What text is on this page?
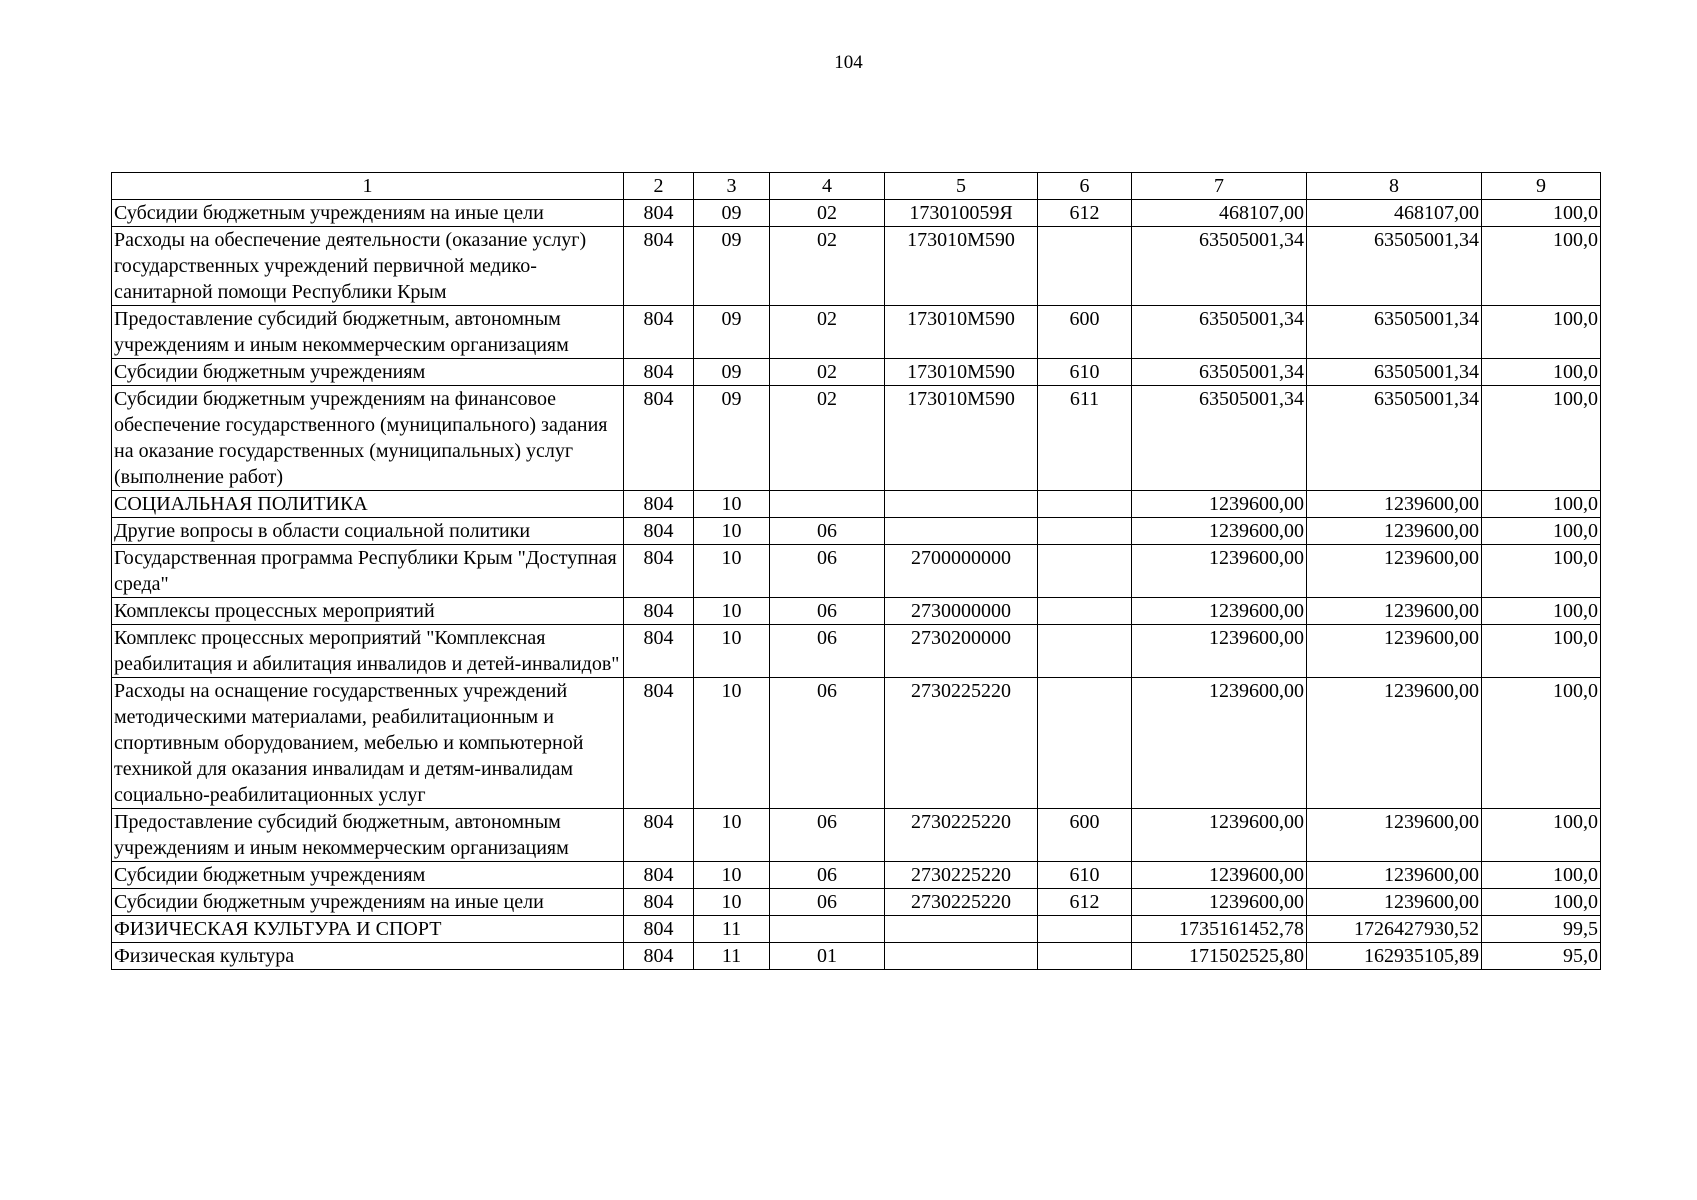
104
1	2	3	4	5	6	7	8	9
Субсидии бюджетным учреждениям на иные цели	804	09	02	173010059Я	612	468107,00	468107,00	100,0
Расходы на обеспечение деятельности (оказание услуг) государственных учреждений первичной медико-санитарной помощи Республики Крым	804	09	02	173010М590		63505001,34	63505001,34	100,0
Предоставление субсидий бюджетным, автономным учреждениям и иным некоммерческим организациям	804	09	02	173010М590	600	63505001,34	63505001,34	100,0
Субсидии бюджетным учреждениям	804	09	02	173010М590	610	63505001,34	63505001,34	100,0
Субсидии бюджетным учреждениям на финансовое обеспечение государственного (муниципального) задания на оказание государственных (муниципальных) услуг (выполнение работ)	804	09	02	173010М590	611	63505001,34	63505001,34	100,0
СОЦИАЛЬНАЯ ПОЛИТИКА	804	10				1239600,00	1239600,00	100,0
Другие вопросы в области социальной политики	804	10	06			1239600,00	1239600,00	100,0
Государственная программа Республики Крым "Доступная среда"	804	10	06	2700000000		1239600,00	1239600,00	100,0
Комплексы процессных мероприятий	804	10	06	2730000000		1239600,00	1239600,00	100,0
Комплекс процессных мероприятий "Комплексная реабилитация и абилитация инвалидов и детей-инвалидов"	804	10	06	2730200000		1239600,00	1239600,00	100,0
Расходы на оснащение государственных учреждений методическими материалами, реабилитационным и спортивным оборудованием, мебелью и компьютерной техникой для оказания инвалидам и детям-инвалидам социально-реабилитационных услуг	804	10	06	2730225220		1239600,00	1239600,00	100,0
Предоставление субсидий бюджетным, автономным учреждениям и иным некоммерческим организациям	804	10	06	2730225220	600	1239600,00	1239600,00	100,0
Субсидии бюджетным учреждениям	804	10	06	2730225220	610	1239600,00	1239600,00	100,0
Субсидии бюджетным учреждениям на иные цели	804	10	06	2730225220	612	1239600,00	1239600,00	100,0
ФИЗИЧЕСКАЯ КУЛЬТУРА И СПОРТ	804	11				1735161452,78	1726427930,52	99,5
Физическая культура	804	11	01			171502525,80	162935105,89	95,0
